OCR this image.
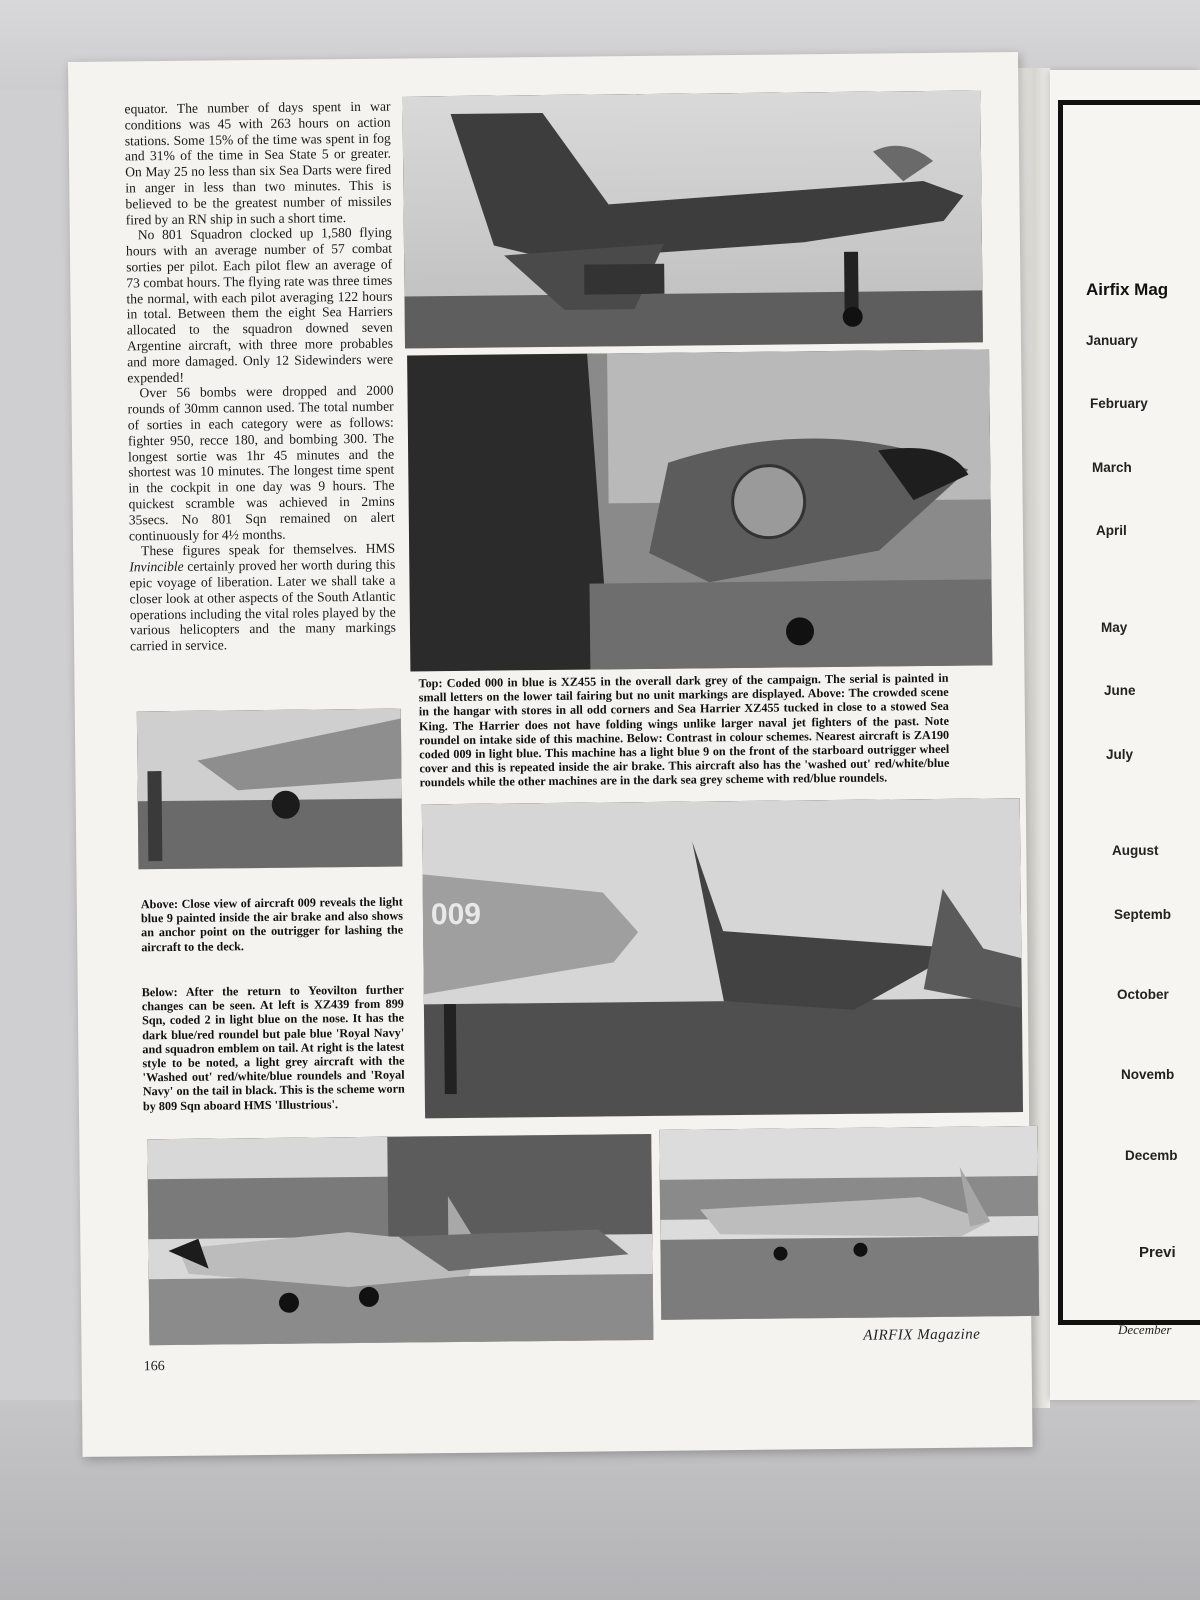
Airfix Mag
January
February
March
April
May
June
July
August
Septemb
October
Novemb
Decemb
Previ
December

equator. The number of days spent in war conditions was 45 with 263 hours on action stations. Some 15% of the time was spent in fog and 31% of the time in Sea State 5 or greater. On May 25 no less than six Sea Darts were fired in anger in less than two minutes. This is believed to be the greatest number of missiles fired by an RN ship in such a short time.

No 801 Squadron clocked up 1,580 flying hours with an average number of 57 combat sorties per pilot. Each pilot flew an average of 73 combat hours. The flying rate was three times the normal, with each pilot averaging 122 hours in total. Between them the eight Sea Harriers allocated to the squadron downed seven Argentine aircraft, with three more probables and more damaged. Only 12 Sidewinders were expended!

Over 56 bombs were dropped and 2000 rounds of 30mm cannon used. The total number of sorties in each category were as follows: fighter 950, recce 180, and bombing 300. The longest sortie was 1hr 45 minutes and the shortest was 10 minutes. The longest time spent in the cockpit in one day was 9 hours. The quickest scramble was achieved in 2mins 35secs. No 801 Sqn remained on alert continuously for 4½ months.

These figures speak for themselves. HMS Invincible certainly proved her worth during this epic voyage of liberation. Later we shall take a closer look at other aspects of the South Atlantic operations including the vital roles played by the various helicopters and the many markings carried in service.

Top: Coded 000 in blue is XZ455 in the overall dark grey of the campaign. The serial is painted in small letters on the lower tail fairing but no unit markings are displayed. Above: The crowded scene in the hangar with stores in all odd corners and Sea Harrier XZ455 tucked in close to a stowed Sea King. The Harrier does not have folding wings unlike larger naval jet fighters of the past. Note roundel on intake side of this machine. Below: Contrast in colour schemes. Nearest aircraft is ZA190 coded 009 in light blue. This machine has a light blue 9 on the front of the starboard outrigger wheel cover and this is repeated inside the air brake. This aircraft also has the 'washed out' red/white/blue roundels while the other machines are in the dark sea grey scheme with red/blue roundels.
Above: Close view of aircraft 009 reveals the light blue 9 painted inside the air brake and also shows an anchor point on the outrigger for lashing the aircraft to the deck.
Below: After the return to Yeovilton further changes can be seen. At left is XZ439 from 899 Sqn, coded 2 in light blue on the nose. It has the dark blue/red roundel but pale blue 'Royal Navy' and squadron emblem on tail. At right is the latest style to be noted, a light grey aircraft with the 'Washed out' red/white/blue roundels and 'Royal Navy' on the tail in black. This is the scheme worn by 809 Sqn aboard HMS 'Illustrious'.
009
AIRFIX Magazine
166
